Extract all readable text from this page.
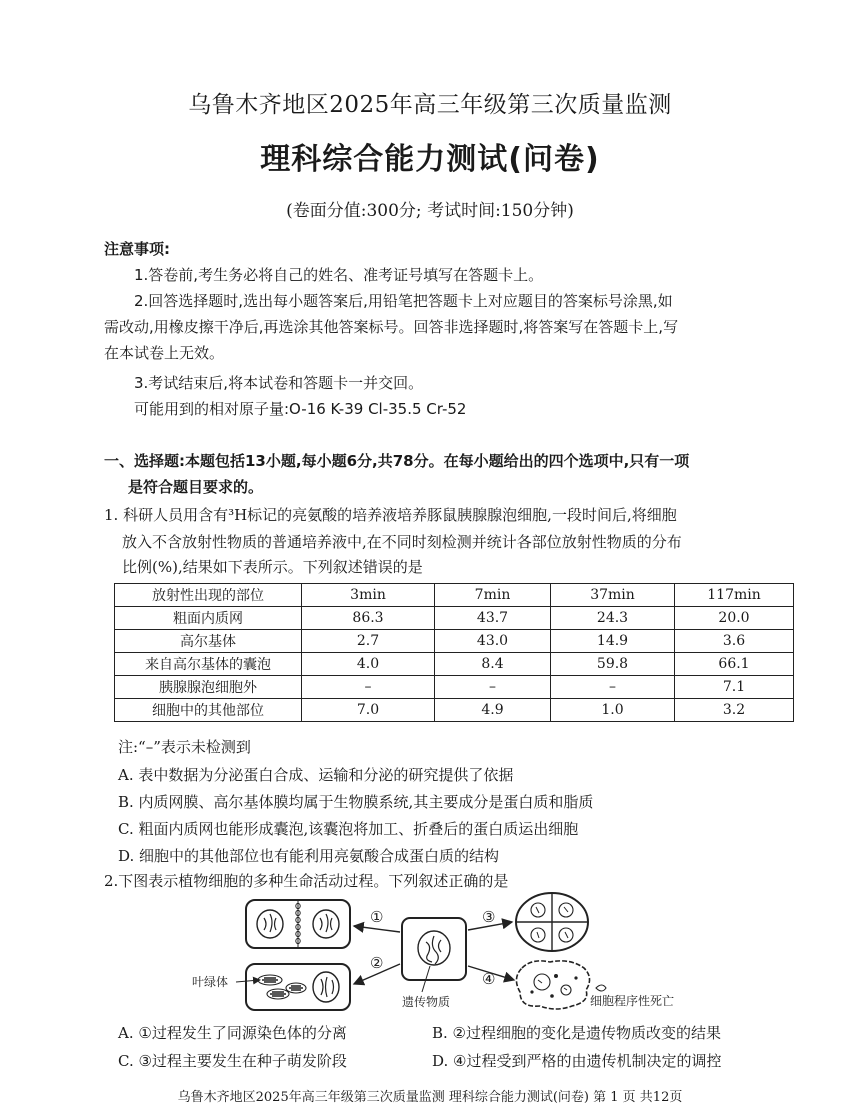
乌鲁木齐地区2025年高三年级第三次质量监测
理科综合能力测试(问卷)
(卷面分值:300分; 考试时间:150分钟)
注意事项:
1.答卷前,考生务必将自己的姓名、准考证号填写在答题卡上。
2.回答选择题时,选出每小题答案后,用铅笔把答题卡上对应题目的答案标号涂黑,如
需改动,用橡皮擦干净后,再选涂其他答案标号。回答非选择题时,将答案写在答题卡上,写
在本试卷上无效。
3.考试结束后,将本试卷和答题卡一并交回。
可能用到的相对原子量:O-16 K-39 Cl-35.5 Cr-52
一、选择题:本题包括13小题,每小题6分,共78分。在每小题给出的四个选项中,只有一项
是符合题目要求的。
1. 科研人员用含有³H标记的亮氨酸的培养液培养豚鼠胰腺腺泡细胞,一段时间后,将细胞
放入不含放射性物质的普通培养液中,在不同时刻检测并统计各部位放射性物质的分布
比例(%),结果如下表所示。下列叙述错误的是
放射性出现的部位	3min	7min	37min	117min
粗面内质网	86.3	43.7	24.3	20.0
高尔基体	2.7	43.0	14.9	3.6
来自高尔基体的囊泡	4.0	8.4	59.8	66.1
胰腺腺泡细胞外	–	–	–	7.1
细胞中的其他部位	7.0	4.9	1.0	3.2
注:“–”表示未检测到
A. 表中数据为分泌蛋白合成、运输和分泌的研究提供了依据
B. 内质网膜、高尔基体膜均属于生物膜系统,其主要成分是蛋白质和脂质
C. 粗面内质网也能形成囊泡,该囊泡将加工、折叠后的蛋白质运出细胞
D. 细胞中的其他部位也有能利用亮氨酸合成蛋白质的结构
2.下图表示植物细胞的多种生命活动过程。下列叙述正确的是
叶绿体
遗传物质
①
②
③
④
细胞程序性死亡
A. ①过程发生了同源染色体的分离	B. ②过程细胞的变化是遗传物质改变的结果
C. ③过程主要发生在种子萌发阶段	D. ④过程受到严格的由遗传机制决定的调控
乌鲁木齐地区2025年高三年级第三次质量监测 理科综合能力测试(问卷) 第 1 页 共12页
